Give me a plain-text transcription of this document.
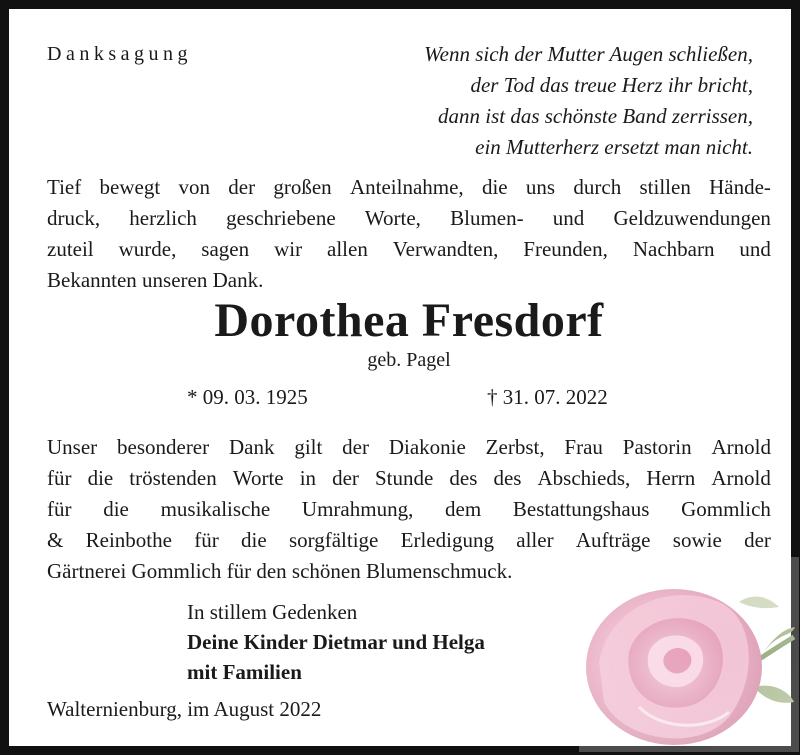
Danksagung	Wenn sich der Mutter Augen schließen,
der Tod das treue Herz ihr bricht,
dann ist das schönste Band zerrissen,
ein Mutterherz ersetzt man nicht.
Tief bewegt von der großen Anteilnahme, die uns durch stillen Hände-
druck, herzlich geschriebene Worte, Blumen- und Geldzuwendungen
zuteil wurde, sagen wir allen Verwandten, Freunden, Nachbarn und
Bekannten unseren Dank.
Dorothea Fresdorf
geb. Pagel
* 09. 03. 1925	† 31. 07. 2022
Unser besonderer Dank gilt der Diakonie Zerbst, Frau Pastorin Arnold
für die tröstenden Worte in der Stunde des des Abschieds, Herrn Arnold
für die musikalische Umrahmung, dem Bestattungshaus Gommlich
& Reinbothe für die sorgfältige Erledigung aller Aufträge sowie der
Gärtnerei Gommlich für den schönen Blumenschmuck.
In stillem Gedenken
Deine Kinder Dietmar und Helga
mit Familien
Walternienburg, im August 2022
